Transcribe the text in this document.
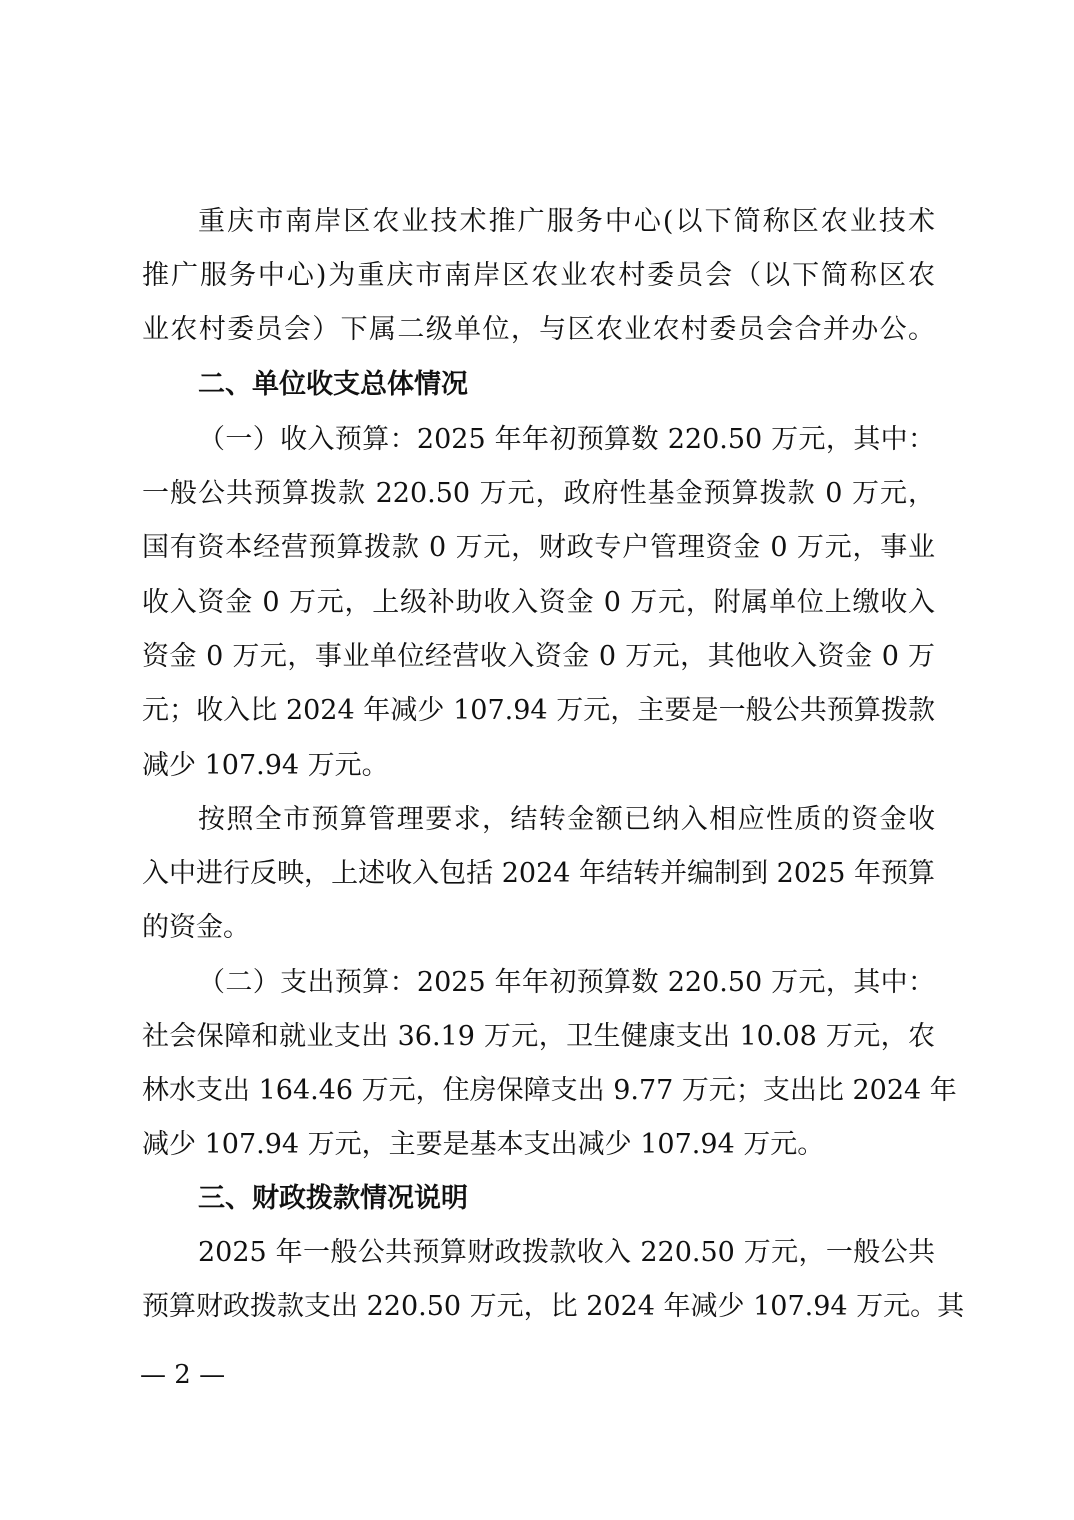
重庆市南岸区农业技术推广服务中心(以下简称区农业技术
推广服务中心)为重庆市南岸区农业农村委员会（以下简称区农
业农村委员会）下属二级单位，与区农业农村委员会合并办公。
二、单位收支总体情况
（一）收入预算：2025 年年初预算数 220.50 万元，其中：
一般公共预算拨款 220.50 万元，政府性基金预算拨款 0 万元，
国有资本经营预算拨款 0 万元，财政专户管理资金 0 万元，事业
收入资金 0 万元，上级补助收入资金 0 万元，附属单位上缴收入
资金 0 万元，事业单位经营收入资金 0 万元，其他收入资金 0 万
元；收入比 2024 年减少 107.94 万元，主要是一般公共预算拨款
减少 107.94 万元。
按照全市预算管理要求，结转金额已纳入相应性质的资金收
入中进行反映，上述收入包括 2024 年结转并编制到 2025 年预算
的资金。
（二）支出预算：2025 年年初预算数 220.50 万元，其中：
社会保障和就业支出 36.19 万元，卫生健康支出 10.08 万元，农
林水支出 164.46 万元，住房保障支出 9.77 万元；支出比 2024 年
减少 107.94 万元，主要是基本支出减少 107.94 万元。
三、财政拨款情况说明
2025 年一般公共预算财政拨款收入 220.50 万元，一般公共
预算财政拨款支出 220.50 万元，比 2024 年减少 107.94 万元。其
— 2 —
